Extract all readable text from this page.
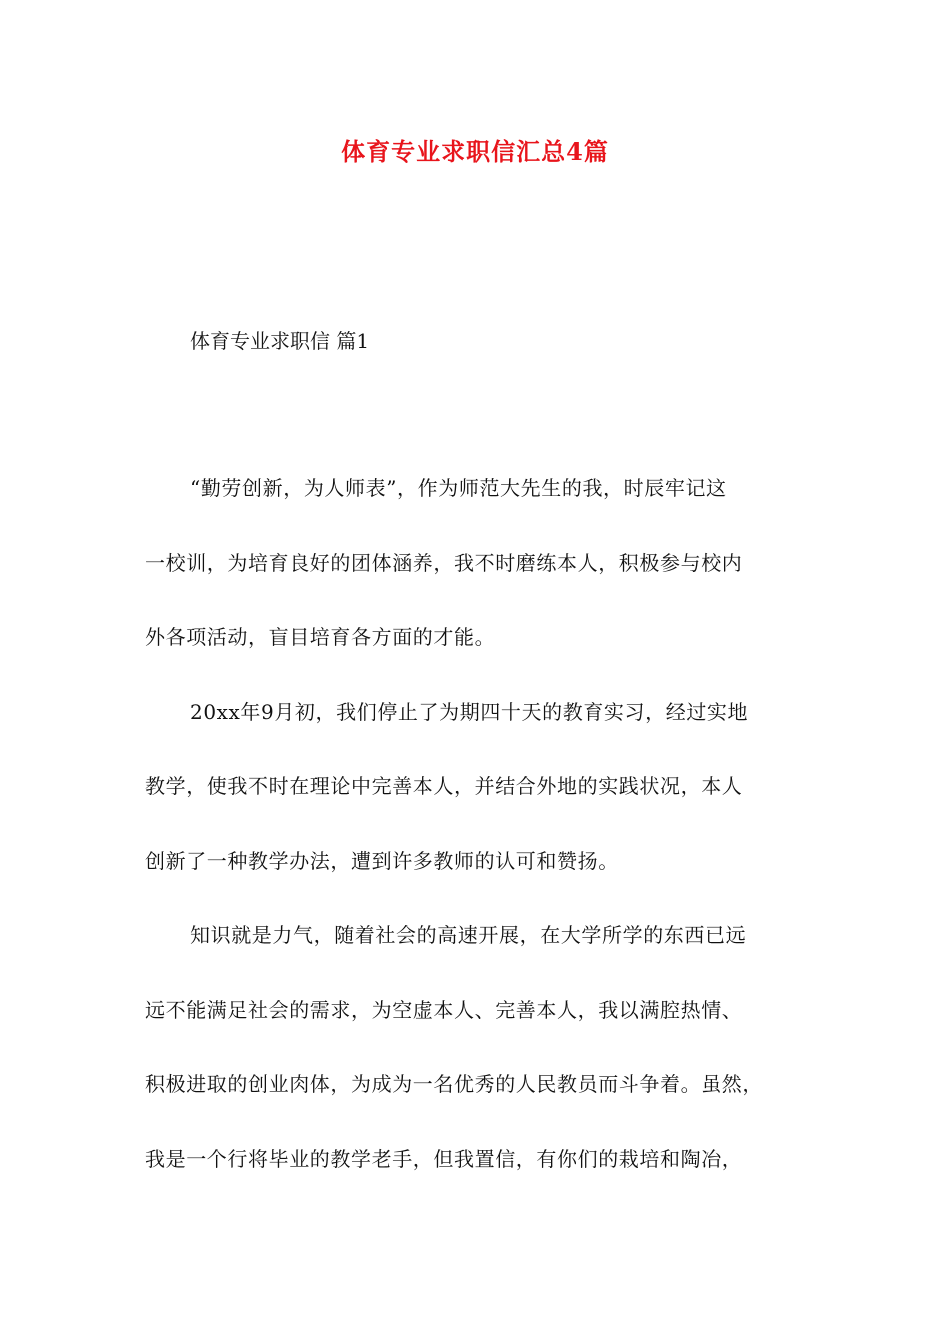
体育专业求职信汇总4篇

体育专业求职信 篇1

“勤劳创新，为人师表”，作为师范大先生的我，时辰牢记这
一校训，为培育良好的团体涵养，我不时磨练本人，积极参与校内
外各项活动，盲目培育各方面的才能。
20xx年9月初，我们停止了为期四十天的教育实习，经过实地
教学，使我不时在理论中完善本人，并结合外地的实践状况，本人
创新了一种教学办法，遭到许多教师的认可和赞扬。
知识就是力气，随着社会的高速开展，在大学所学的东西已远
远不能满足社会的需求，为空虚本人、完善本人，我以满腔热情、
积极进取的创业肉体，为成为一名优秀的人民教员而斗争着。虽然，
我是一个行将毕业的教学老手，但我置信，有你们的栽培和陶冶，
